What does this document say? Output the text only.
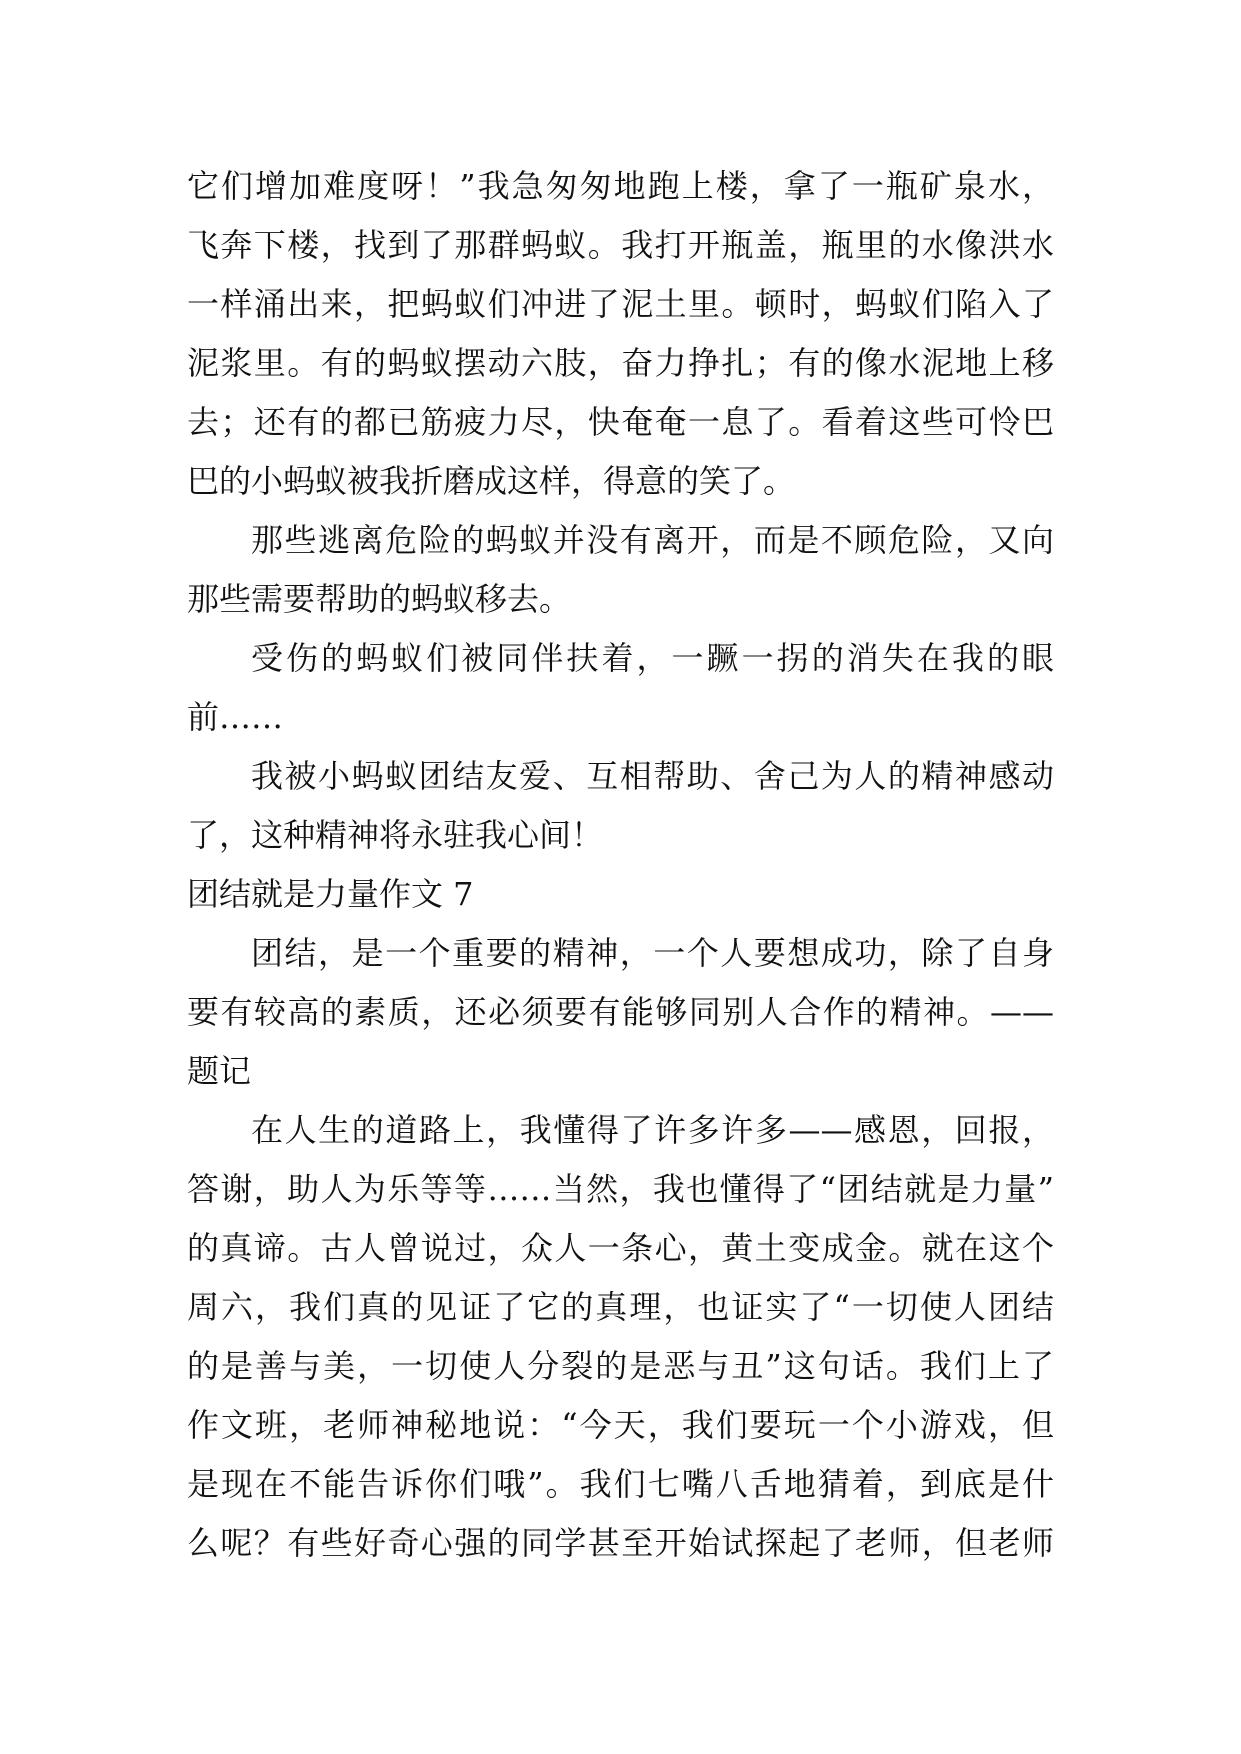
它们增加难度呀！”我急匆匆地跑上楼，拿了一瓶矿泉水，
飞奔下楼，找到了那群蚂蚁。我打开瓶盖，瓶里的水像洪水
一样涌出来，把蚂蚁们冲进了泥土里。顿时，蚂蚁们陷入了
泥浆里。有的蚂蚁摆动六肢，奋力挣扎；有的像水泥地上移
去；还有的都已筋疲力尽，快奄奄一息了。看着这些可怜巴
巴的小蚂蚁被我折磨成这样，得意的笑了。
那些逃离危险的蚂蚁并没有离开，而是不顾危险，又向
那些需要帮助的蚂蚁移去。
受伤的蚂蚁们被同伴扶着，一蹶一拐的消失在我的眼
前……
我被小蚂蚁团结友爱、互相帮助、舍己为人的精神感动
了，这种精神将永驻我心间！
团结就是力量作文 7
团结，是一个重要的精神，一个人要想成功，除了自身
要有较高的素质，还必须要有能够同别人合作的精神。——
题记
在人生的道路上，我懂得了许多许多——感恩，回报，
答谢，助人为乐等等……当然，我也懂得了“团结就是力量”
的真谛。古人曾说过，众人一条心，黄土变成金。就在这个
周六，我们真的见证了它的真理，也证实了“一切使人团结
的是善与美，一切使人分裂的是恶与丑”这句话。我们上了
作文班，老师神秘地说：“今天，我们要玩一个小游戏，但
是现在不能告诉你们哦”。我们七嘴八舌地猜着，到底是什
么呢？有些好奇心强的同学甚至开始试探起了老师，但老师
